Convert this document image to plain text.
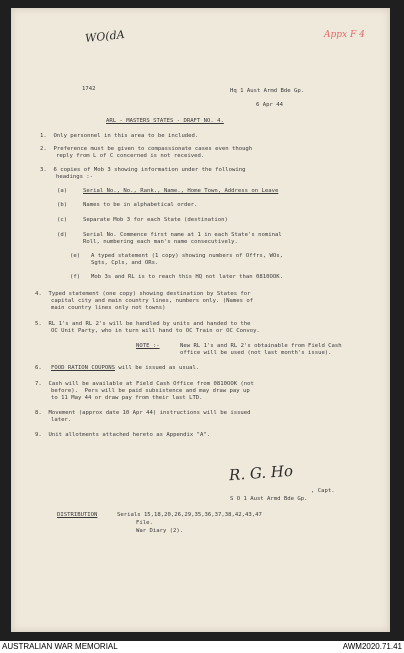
WO(dA	Appx F 4
1742	Hq 1 Aust Armd Bde Gp.
6 Apr 44
ARL - MASTERS STATES - DRAFT NO. 4.
1.  Only personnel in this area to be included.
2.  Preference must be given to compassionate cases even though
reply from L of C concerned is not received.
3.  6 copies of Mob 3 showing information under the following
headings :-
(a)	Serial No., No., Rank., Name., Home Town, Address on Leave
(b)	Names to be in alphabetical order.
(c)	Separate Mob 3 for each State (destination)
(d)	Serial No. Commence first name at 1 in each State's nominal
Roll, numbering each man's name consecutively.
(e) A typed statement (1 copy) showing numbers of Offrs, WOs,
Sgts, Cpls, and ORs.
(f) Mob 3s and RL is to reach this HQ not later than 0810OOK.
4.  Typed statement (one copy) showing destination by States for
capital city and main country lines, numbers only. (Names of
main country lines only not towns)
5.  RL 1's and RL 2's will be handled by units and handed to the
OC Unit Party, who in turn will hand to OC Train or OC Convoy.
NOTE :-	New RL 1's and RL 2's obtainable from Field Cash
office will be used (not last month's issue).
6. FOOD RATION COUPONS will be issued as usual.
7.  Cash will be available at Field Cash Office from 0810OOK (not
before).  Pers will be paid subsistence and may draw pay up
to 11 May 44 or draw pay from their last LTD.
8.  Movement (approx date 10 Apr 44) instructions will be issued
later.
9.  Unit allotments attached hereto as Appendix "A".
R. G. Ho
, Capt.
S O 1 Aust Armd Bde Gp.
DISTRIBUTION	Serials 15,18,20,26,29,35,36,37,38,42,43,47
File.
War Diary (2).
AUSTRALIAN WAR MEMORIAL	AWM2020.71.41
